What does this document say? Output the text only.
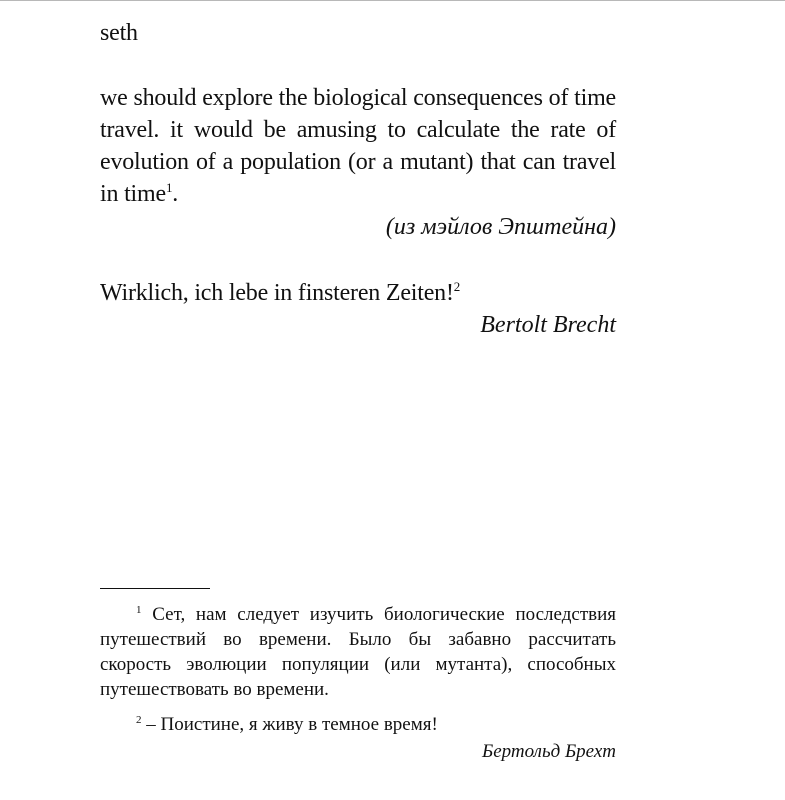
seth
we should explore the biological consequences of time travel. it would be amusing to calculate the rate of evolution of a population (or a mutant) that can travel in time$^1$.
(из мэйлов Эпштейна)
Wirklich, ich lebe in finsteren Zeiten!$^2$
Bertolt Brecht
$^1$ Сет, нам следует изучить биологические последствия путешествий во времени. Было бы забавно рассчитать скорость эволюции популяции (или мутанта), способных путешествовать во времени.
$^2$ – Поистине, я живу в темное время!
Бертольд Брехт
